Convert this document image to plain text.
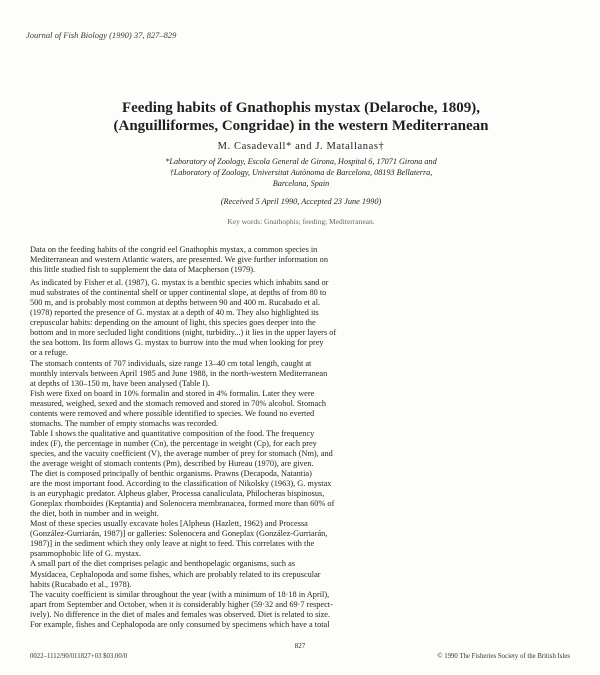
Journal of Fish Biology (1990) 37, 827–829
Feeding habits of Gnathophis mystax (Delaroche, 1809),
(Anguilliformes, Congridae) in the western Mediterranean
M. Casadevall* and J. Matallanas†
*Laboratory of Zoology, Escola General de Girona, Hospital 6, 17071 Girona and
†Laboratory of Zoology, Universitat Autònoma de Barcelona, 08193 Bellaterra,
Barcelona, Spain
(Received 5 April 1990, Accepted 23 June 1990)
Key words: Gnathophis; feeding; Mediterranean.
Data on the feeding habits of the congrid eel Gnathophis mystax, a common species in
Mediterranean and western Atlantic waters, are presented. We give further information on
this little studied fish to supplement the data of Macpherson (1979).
As indicated by Fisher et al. (1987), G. mystax is a benthic species which inhabits sand or
mud substrates of the continental shelf or upper continental slope, at depths of from 80 to
500 m, and is probably most common at depths between 90 and 400 m. Rucabado et al.
(1978) reported the presence of G. mystax at a depth of 40 m. They also highlighted its
crepuscular habits: depending on the amount of light, this species goes deeper into the
bottom and in more secluded light conditions (night, turbidity...) it lies in the upper layers of
the sea bottom. Its form allows G. mystax to burrow into the mud when looking for prey
or a refuge.
The stomach contents of 707 individuals, size range 13–40 cm total length, caught at
monthly intervals between April 1985 and June 1988, in the north-western Mediterranean
at depths of 130–150 m, have been analysed (Table I).
Fish were fixed on board in 10% formalin and stored in 4% formalin. Later they were
measured, weighed, sexed and the stomach removed and stored in 70% alcohol. Stomach
contents were removed and where possible identified to species. We found no everted
stomachs. The number of empty stomachs was recorded.
Table I shows the qualitative and quantitative composition of the food. The frequency
index (F), the percentage in number (Cn), the percentage in weight (Cp), for each prey
species, and the vacuity coefficient (V), the average number of prey for stomach (Nm), and
the average weight of stomach contents (Pm), described by Hureau (1970), are given.
The diet is composed principally of benthic organisms. Prawns (Decapoda, Natantia)
are the most important food. According to the classification of Nikolsky (1963), G. mystax
is an euryphagic predator. Alpheus glaber, Processa canaliculata, Philocheras bispinosus,
Goneplax rhomboides (Keptantia) and Solenocera membranacea, formed more than 60% of
the diet, both in number and in weight.
Most of these species usually excavate holes [Alpheus (Hazlett, 1962) and Processa
(González-Gurriarán, 1987)] or galleries: Solenocera and Goneplax (González-Gurriarán,
1987)] in the sediment which they only leave at night to feed. This correlates with the
psammophobic life of G. mystax.
A small part of the diet comprises pelagic and benthopelagic organisms, such as
Mysidacea, Cephalopoda and some fishes, which are probably related to its crepuscular
habits (Rucabado et al., 1978).
The vacuity coefficient is similar throughout the year (with a minimum of 18·18 in April),
apart from September and October, when it is considerably higher (59·32 and 69·7 respect-
ively). No difference in the diet of males and females was observed. Diet is related to size.
For example, fishes and Cephalopoda are only consumed by specimens which have a total
827
0022–1112/90/011827+03 $03.00/0	© 1990 The Fisheries Society of the British Isles
